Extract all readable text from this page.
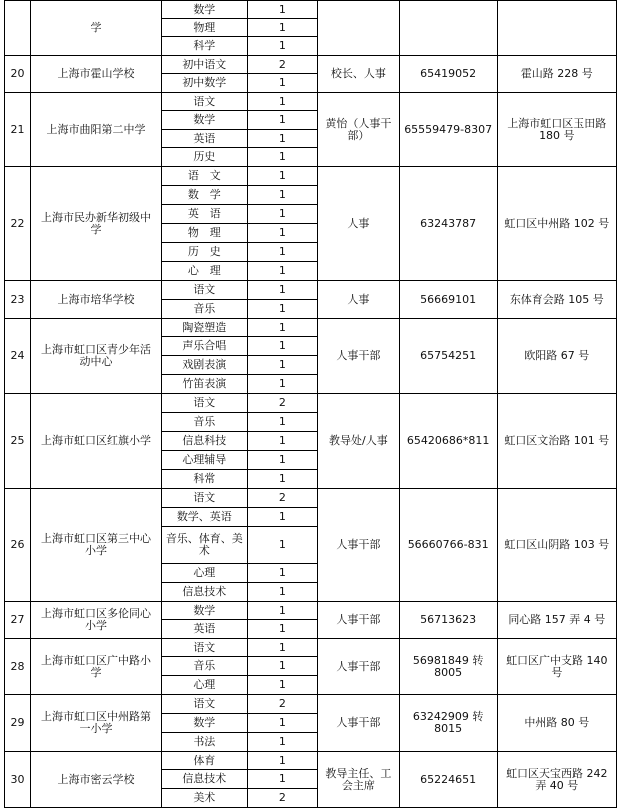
	学	数学	1			
		物理	1			
		科学	1			
20	上海市霍山学校	初中语文	2	校长、人事	65419052	霍山路 228 号
		初中数学	1			
21	上海市曲阳第二中学	语文	1	黄怡（人事干部）	65559479-8307	上海市虹口区玉田路 180 号
		数学	1			
		英语	1			
		历史	1			
22	上海市民办新华初级中学	语　文	1	人事	63243787	虹口区中州路 102 号
		数　学	1			
		英　语	1			
		物　理	1			
		历　史	1			
		心　理	1			
23	上海市培华学校	语文	1	人事	56669101	东体育会路 105 号
		音乐	1			
24	上海市虹口区青少年活动中心	陶瓷塑造	1	人事干部	65754251	欧阳路 67 号
		声乐合唱	1			
		戏剧表演	1			
		竹笛表演	1			
25	上海市虹口区红旗小学	语文	2	教导处/人事	65420686*811	虹口区文治路 101 号
		音乐	1			
		信息科技	1			
		心理辅导	1			
		科常	1			
26	上海市虹口区第三中心小学	语文	2	人事干部	56660766-831	虹口区山阴路 103 号
		数学、英语	1			
		音乐、体育、美术	1			
		心理	1			
		信息技术	1			
27	上海市虹口区多伦同心小学	数学	1	人事干部	56713623	同心路 157 弄 4 号
		英语	1			
28	上海市虹口区广中路小学	语文	1	人事干部	56981849 转 8005	虹口区广中支路 140 号
		音乐	1			
		心理	1			
29	上海市虹口区中州路第一小学	语文	2	人事干部	63242909 转 8015	中州路 80 号
		数学	1			
		书法	1			
30	上海市密云学校	体育	1	教导主任、工会主席	65224651	虹口区天宝西路 242 弄 40 号
		信息技术	1			
		美术	2			
